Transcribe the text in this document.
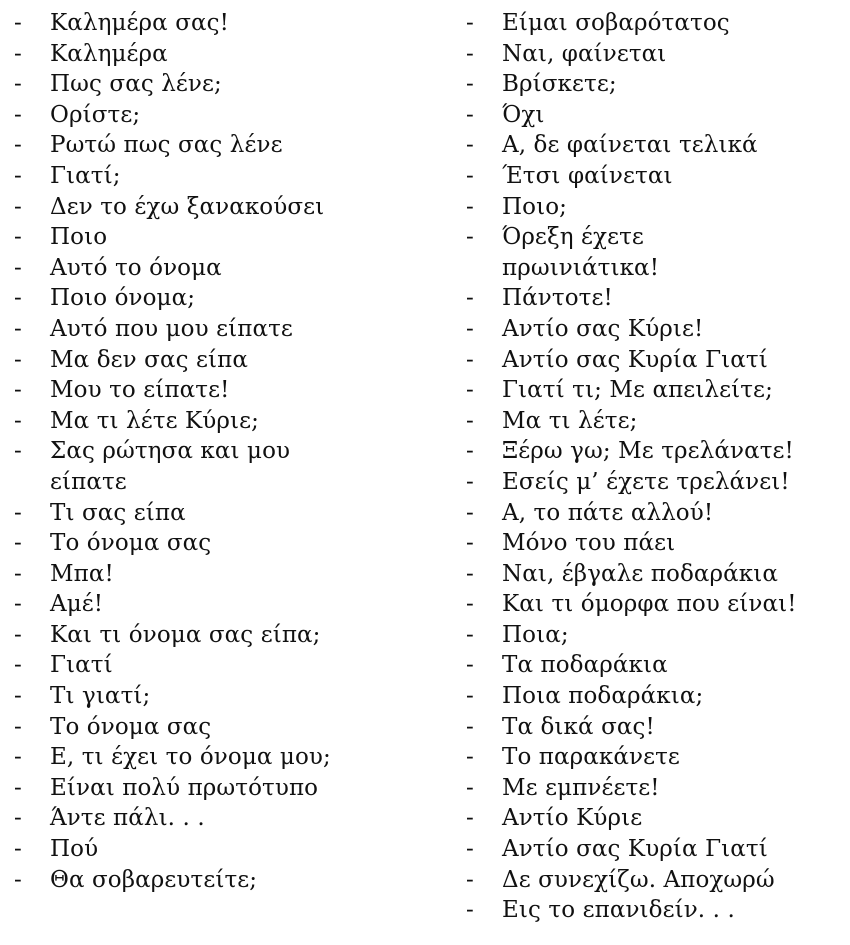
-	Καλημέρα σας!
-	Καλημέρα
-	Πως σας λένε;
-	Ορίστε;
-	Ρωτώ πως σας λένε
-	Γιατί;
-	Δεν το έχω ξανακούσει
-	Ποιο
-	Αυτό το όνομα
-	Ποιο όνομα;
-	Αυτό που μου είπατε
-	Μα δεν σας είπα
-	Μου το είπατε!
-	Μα τι λέτε Κύριε;
-	Σας ρώτησα και μου
είπατε
-	Τι σας είπα
-	Το όνομα σας
-	Μπα!
-	Αμέ!
-	Και τι όνομα σας είπα;
-	Γιατί
-	Τι γιατί;
-	Το όνομα σας
-	Ε, τι έχει το όνομα μου;
-	Είναι πολύ πρωτότυπο
-	Άντε πάλι. . .
-	Πού
-	Θα σοβαρευτείτε;
-	Είμαι σοβαρότατος
-	Ναι, φαίνεται
-	Βρίσκετε;
-	Όχι
-	Α, δε φαίνεται τελικά
-	Έτσι φαίνεται
-	Ποιο;
-	Όρεξη έχετε
πρωινιάτικα!
-	Πάντοτε!
-	Αντίο σας Κύριε!
-	Αντίο σας Κυρία Γιατί
-	Γιατί τι; Με απειλείτε;
-	Μα τι λέτε;
-	Ξέρω γω; Με τρελάνατε!
-	Εσείς μ’ έχετε τρελάνει!
-	Α, το πάτε αλλού!
-	Μόνο του πάει
-	Ναι, έβγαλε ποδαράκια
-	Και τι όμορφα που είναι!
-	Ποια;
-	Τα ποδαράκια
-	Ποια ποδαράκια;
-	Τα δικά σας!
-	Το παρακάνετε
-	Με εμπνέετε!
-	Αντίο Κύριε
-	Αντίο σας Κυρία Γιατί
-	Δε συνεχίζω. Αποχωρώ
-	Εις το επανιδείν. . .
